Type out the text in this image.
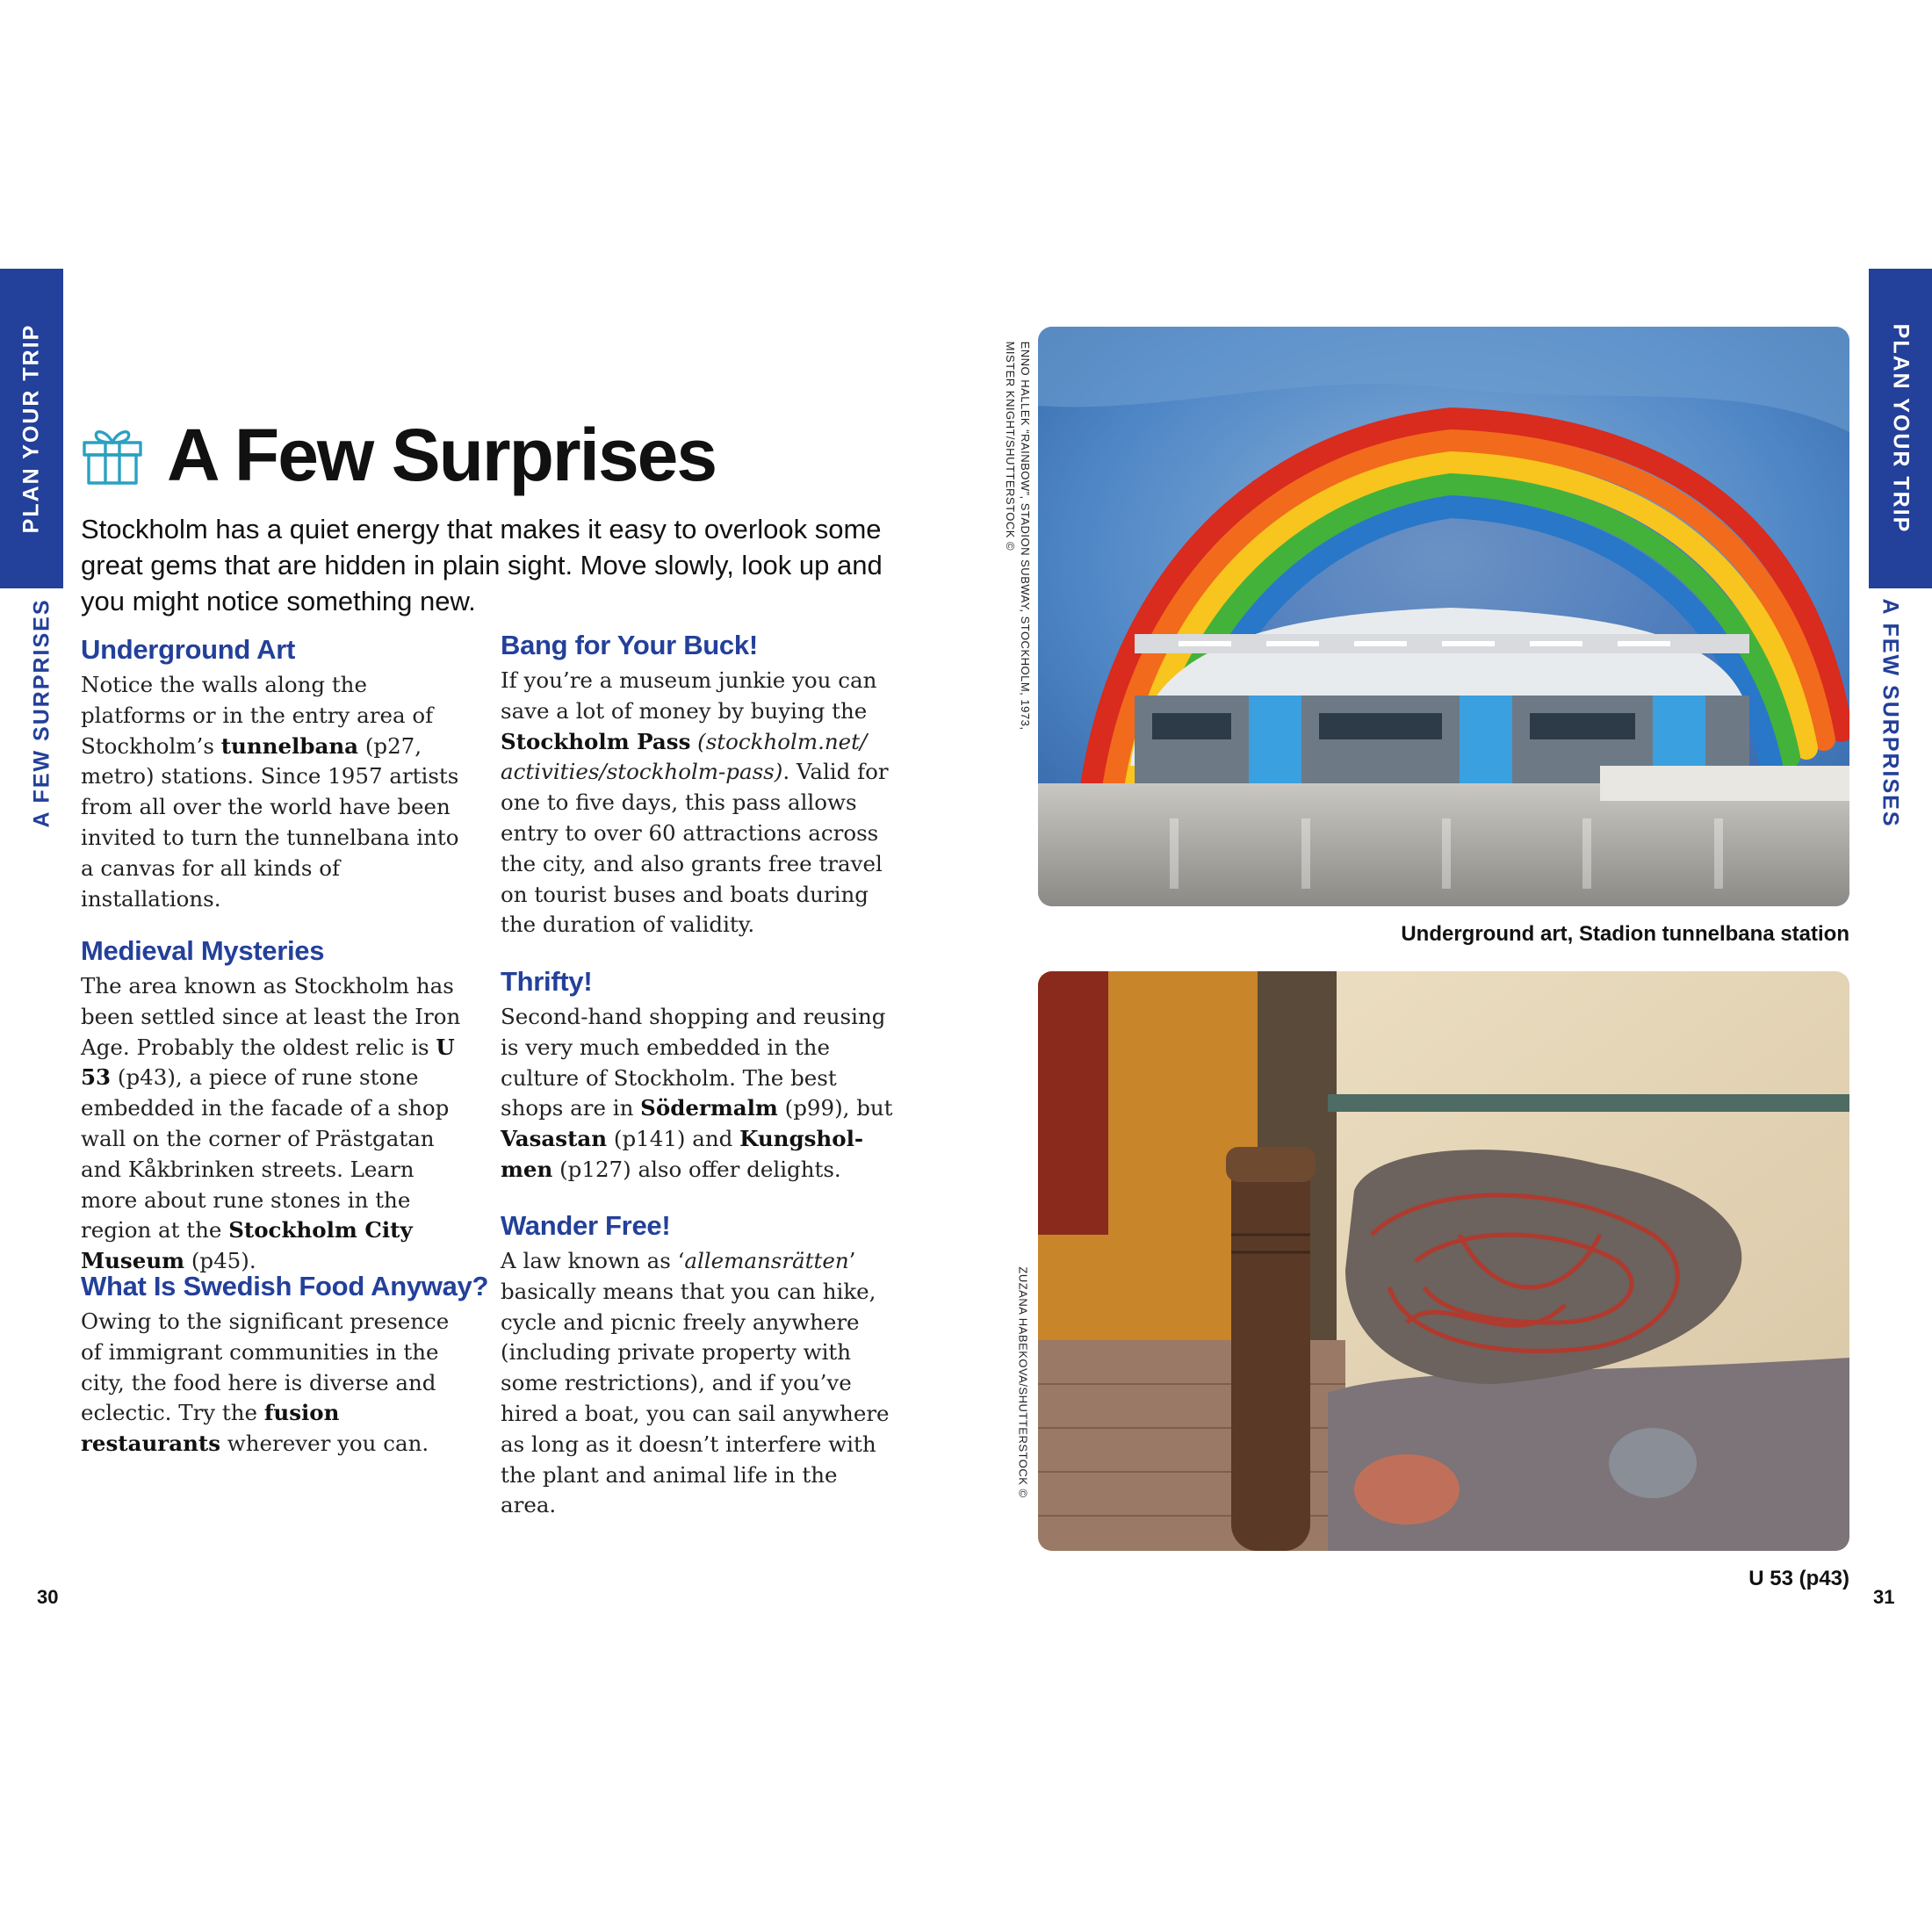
PLAN YOUR TRIP
A FEW SURPRISES
PLAN YOUR TRIP
A FEW SURPRISES
A Few Surprises
Stockholm has a quiet energy that makes it easy to overlook some great gems that are hidden in plain sight. Move slowly, look up and you might notice something new.
Underground Art
Notice the walls along the platforms or in the entry area of Stockholm’s tunnelbana (p27, metro) stations. Since 1957 artists from all over the world have been invited to turn the tunnelbana into a canvas for all kinds of installations.
Medieval Mysteries
The area known as Stockholm has been settled since at least the Iron Age. Probably the oldest relic is U 53 (p43), a piece of rune stone embedded in the facade of a shop wall on the corner of Prästgatan and Kåkbrinken streets. Learn more about rune stones in the region at the Stockholm City Museum (p45).
What Is Swedish Food Anyway?
Owing to the significant presence of immigrant communities in the city, the food here is diverse and eclectic. Try the fusion restaurants wherever you can.
Bang for Your Buck!
If you’re a museum junkie you can save a lot of money by buying the Stockholm Pass (stockholm.net/ activities/stockholm-pass). Valid for one to five days, this pass allows entry to over 60 attractions across the city, and also grants free travel on tourist buses and boats during the duration of validity.
Thrifty!
Second-hand shopping and reusing is very much embedded in the culture of Stockholm. The best shops are in Södermalm (p99), but Vasastan (p141) and Kungsholmen (p127) also offer delights.
Wander Free!
A law known as ‘allemansrätten’ basically means that you can hike, cycle and picnic freely anywhere (including private property with some restrictions), and if you’ve hired a boat, you can sail anywhere as long as it doesn’t interfere with the plant and animal life in the area.
Underground art, Stadion tunnelbana station
ENNO HALLEK “RAINBOW”, STADION SUBWAY, STOCKHOLM, 1973,
MISTER KNIGHT/SHUTTERSTOCK ©
U 53 (p43)
ZUZANA HABEKOVA/SHUTTERSTOCK ©
30	31
